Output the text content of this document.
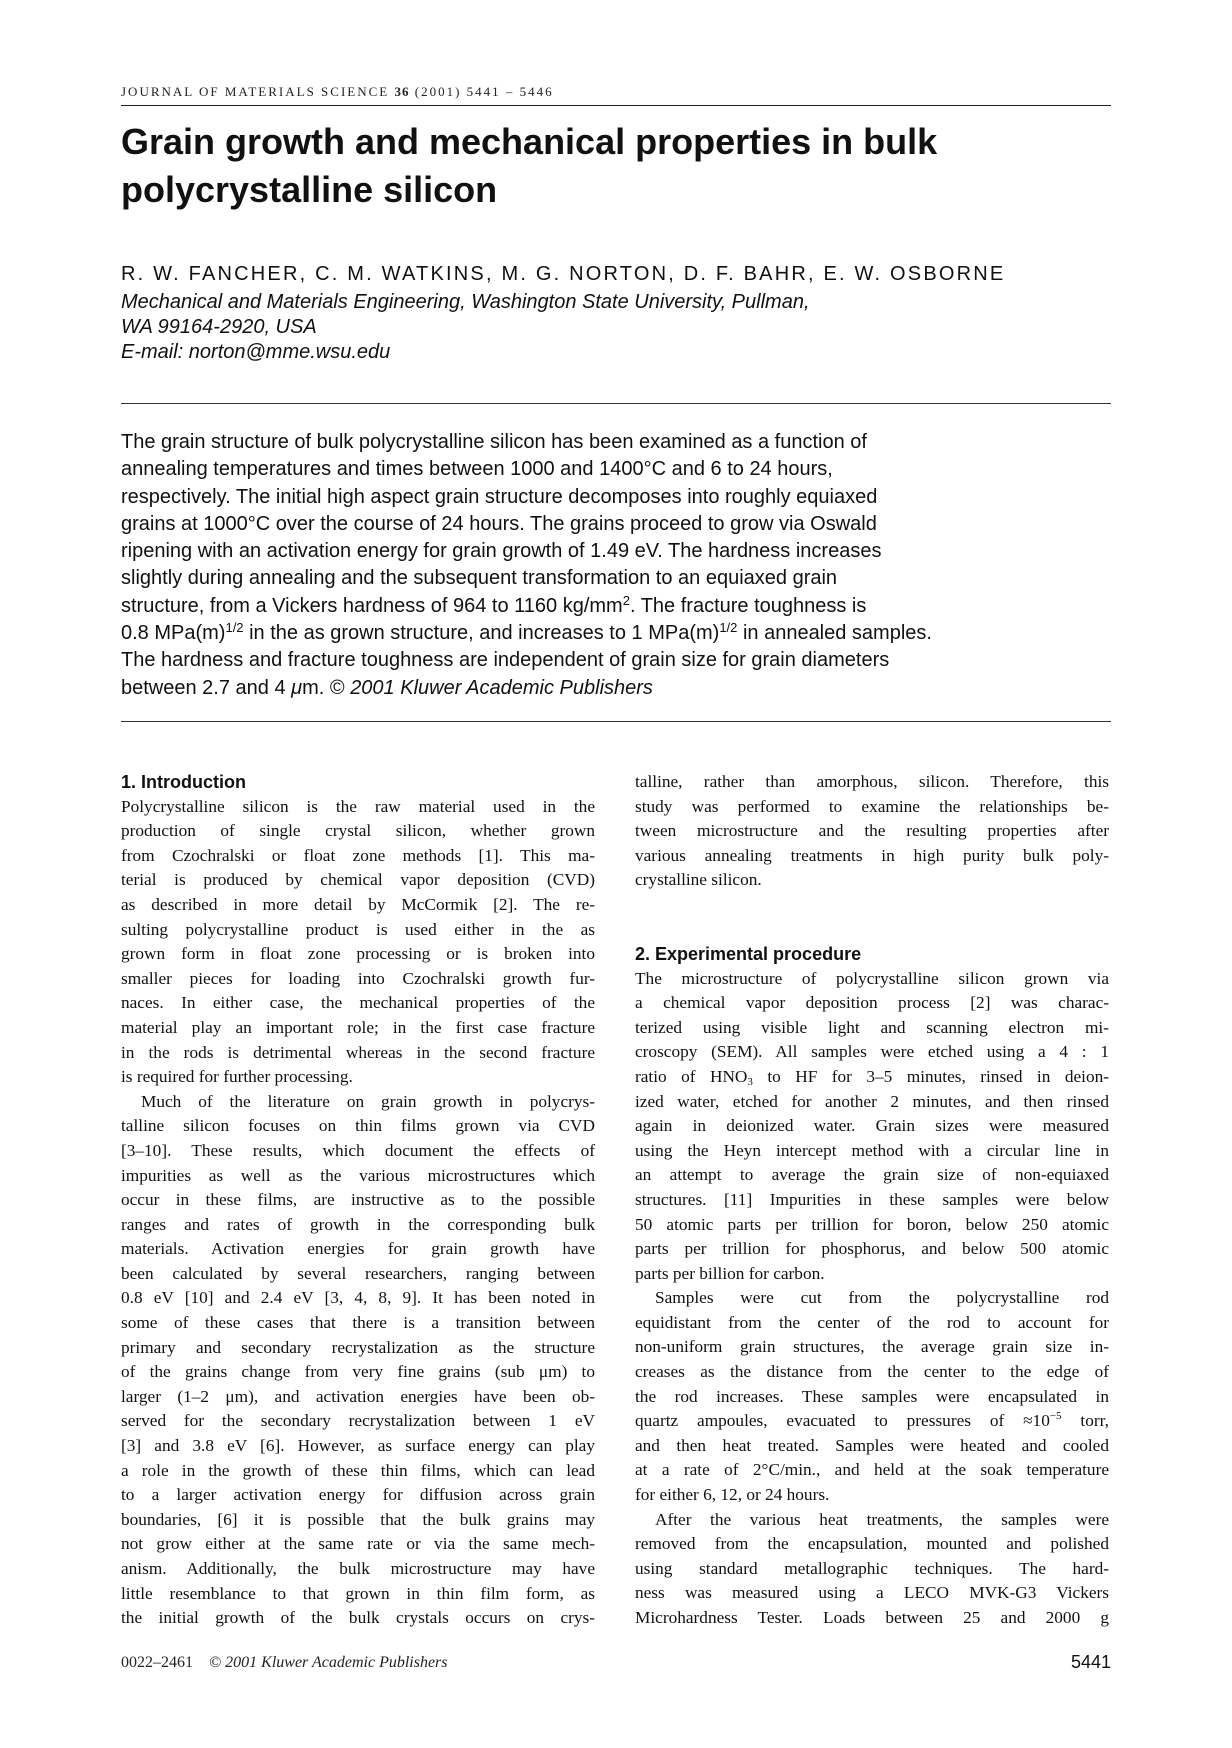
JOURNAL OF MATERIALS SCIENCE 36 (2001) 5441 – 5446
Grain growth and mechanical properties in bulk
polycrystalline silicon
R. W. FANCHER, C. M. WATKINS, M. G. NORTON, D. F. BAHR, E. W. OSBORNE
Mechanical and Materials Engineering, Washington State University, Pullman,
WA 99164-2920, USA
E-mail: norton@mme.wsu.edu
The grain structure of bulk polycrystalline silicon has been examined as a function of
annealing temperatures and times between 1000 and 1400°C and 6 to 24 hours,
respectively. The initial high aspect grain structure decomposes into roughly equiaxed
grains at 1000°C over the course of 24 hours. The grains proceed to grow via Oswald
ripening with an activation energy for grain growth of 1.49 eV. The hardness increases
slightly during annealing and the subsequent transformation to an equiaxed grain
structure, from a Vickers hardness of 964 to 1160 $kg/mm^2$. The fracture toughness is
0.8 $MPa(m)^{1/2}$ in the as grown structure, and increases to 1 $MPa(m)^{1/2}$ in annealed samples.
The hardness and fracture toughness are independent of grain size for grain diameters
between 2.7 and 4 μm. © 2001 Kluwer Academic Publishers
1. Introduction
Polycrystalline silicon is the raw material used in the
production of single crystal silicon, whether grown
from Czochralski or float zone methods [1]. This ma-
terial is produced by chemical vapor deposition (CVD)
as described in more detail by McCormik [2]. The re-
sulting polycrystalline product is used either in the as
grown form in float zone processing or is broken into
smaller pieces for loading into Czochralski growth fur-
naces. In either case, the mechanical properties of the
material play an important role; in the first case fracture
in the rods is detrimental whereas in the second fracture
is required for further processing.
Much of the literature on grain growth in polycrys-
talline silicon focuses on thin films grown via CVD
[3–10]. These results, which document the effects of
impurities as well as the various microstructures which
occur in these films, are instructive as to the possible
ranges and rates of growth in the corresponding bulk
materials. Activation energies for grain growth have
been calculated by several researchers, ranging between
0.8 eV [10] and 2.4 eV [3, 4, 8, 9]. It has been noted in
some of these cases that there is a transition between
primary and secondary recrystalization as the structure
of the grains change from very fine grains (sub μm) to
larger (1–2 μm), and activation energies have been ob-
served for the secondary recrystalization between 1 eV
[3] and 3.8 eV [6]. However, as surface energy can play
a role in the growth of these thin films, which can lead
to a larger activation energy for diffusion across grain
boundaries, [6] it is possible that the bulk grains may
not grow either at the same rate or via the same mech-
anism. Additionally, the bulk microstructure may have
little resemblance to that grown in thin film form, as
the initial growth of the bulk crystals occurs on crys-
talline, rather than amorphous, silicon. Therefore, this
study was performed to examine the relationships be-
tween microstructure and the resulting properties after
various annealing treatments in high purity bulk poly-
crystalline silicon.
2. Experimental procedure
The microstructure of polycrystalline silicon grown via
a chemical vapor deposition process [2] was charac-
terized using visible light and scanning electron mi-
croscopy (SEM). All samples were etched using a 4 : 1
ratio of $HNO_3$ to HF for 3–5 minutes, rinsed in deion-
ized water, etched for another 2 minutes, and then rinsed
again in deionized water. Grain sizes were measured
using the Heyn intercept method with a circular line in
an attempt to average the grain size of non-equiaxed
structures. [11] Impurities in these samples were below
50 atomic parts per trillion for boron, below 250 atomic
parts per trillion for phosphorus, and below 500 atomic
parts per billion for carbon.
Samples were cut from the polycrystalline rod
equidistant from the center of the rod to account for
non-uniform grain structures, the average grain size in-
creases as the distance from the center to the edge of
the rod increases. These samples were encapsulated in
quartz ampoules, evacuated to pressures of $\approx 10^{-5}$ torr,
and then heat treated. Samples were heated and cooled
at a rate of 2°C/min., and held at the soak temperature
for either 6, 12, or 24 hours.
After the various heat treatments, the samples were
removed from the encapsulation, mounted and polished
using standard metallographic techniques. The hard-
ness was measured using a LECO MVK-G3 Vickers
Microhardness Tester. Loads between 25 and 2000 g
0022–2461 © 2001 Kluwer Academic Publishers	5441
